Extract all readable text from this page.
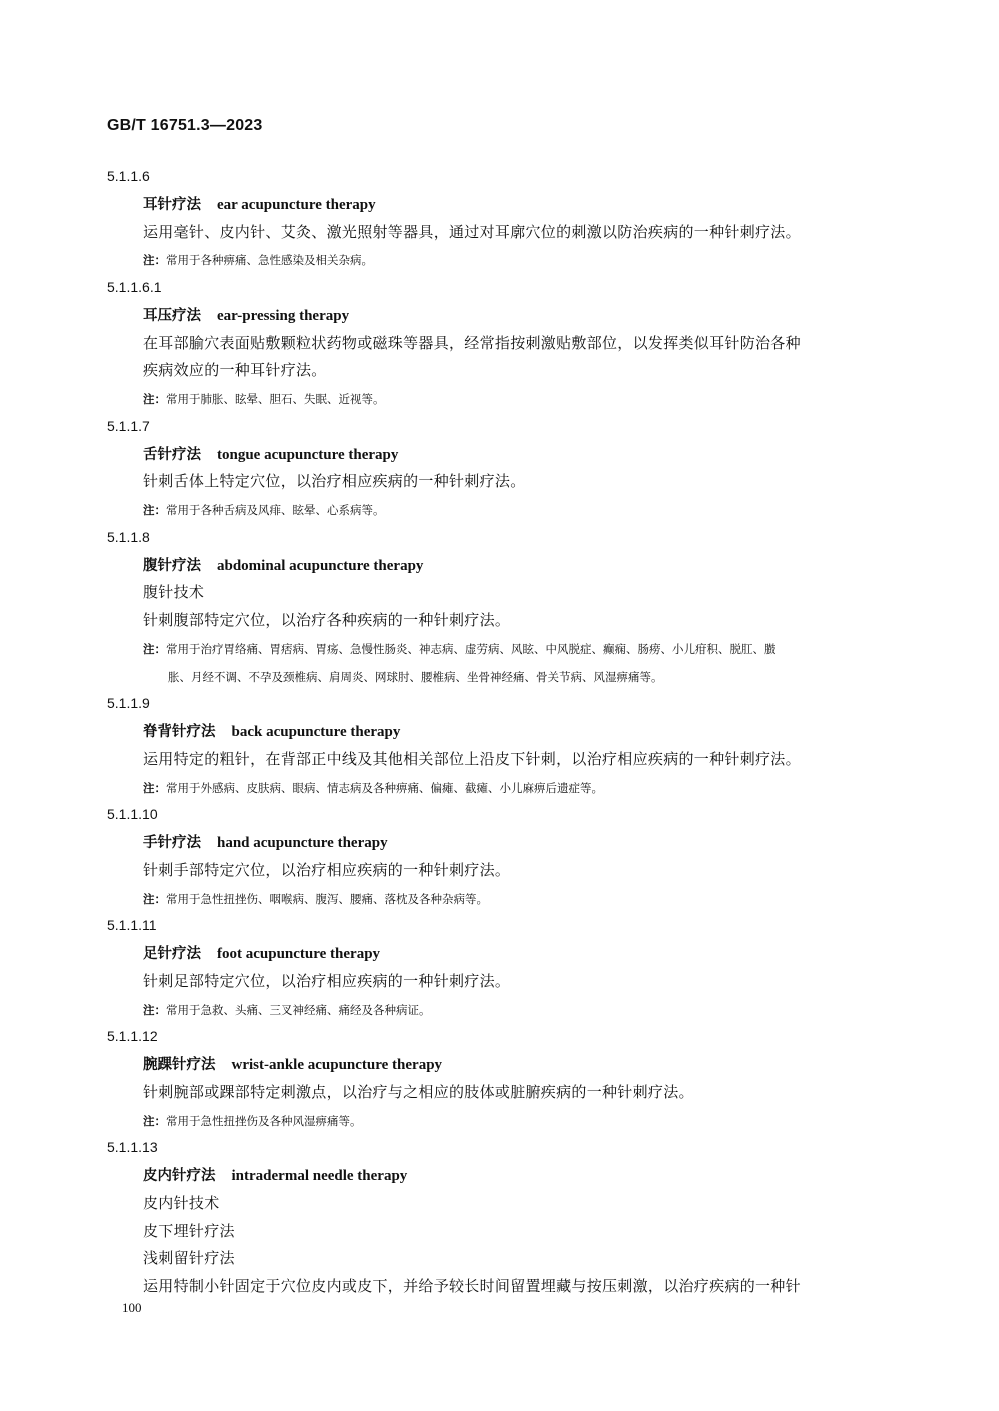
GB/T 16751.3—2023
5.1.1.6
耳针疗法 ear acupuncture therapy
运用毫针、皮内针、艾灸、激光照射等器具，通过对耳廓穴位的刺激以防治疾病的一种针刺疗法。
注：常用于各种痹痛、急性感染及相关杂病。
5.1.1.6.1
耳压疗法 ear-pressing therapy
在耳部腧穴表面贴敷颗粒状药物或磁珠等器具，经常指按刺激贴敷部位，以发挥类似耳针防治各种
疾病效应的一种耳针疗法。
注：常用于肺胀、眩晕、胆石、失眠、近视等。
5.1.1.7
舌针疗法 tongue acupuncture therapy
针刺舌体上特定穴位，以治疗相应疾病的一种针刺疗法。
注：常用于各种舌病及风痱、眩晕、心系病等。
5.1.1.8
腹针疗法 abdominal acupuncture therapy
腹针技术
针刺腹部特定穴位，以治疗各种疾病的一种针刺疗法。
注：常用于治疗胃络痛、胃痞病、胃疡、急慢性肠炎、神志病、虚劳病、风眩、中风脱症、癫痫、肠痨、小儿疳积、脱肛、臌
胀、月经不调、不孕及颈椎病、肩周炎、网球肘、腰椎病、坐骨神经痛、骨关节病、风湿痹痛等。
5.1.1.9
脊背针疗法 back acupuncture therapy
运用特定的粗针，在背部正中线及其他相关部位上沿皮下针刺，以治疗相应疾病的一种针刺疗法。
注：常用于外感病、皮肤病、眼病、情志病及各种痹痛、偏瘫、截瘫、小儿麻痹后遗症等。
5.1.1.10
手针疗法 hand acupuncture therapy
针刺手部特定穴位，以治疗相应疾病的一种针刺疗法。
注：常用于急性扭挫伤、咽喉病、腹泻、腰痛、落枕及各种杂病等。
5.1.1.11
足针疗法 foot acupuncture therapy
针刺足部特定穴位，以治疗相应疾病的一种针刺疗法。
注：常用于急救、头痛、三叉神经痛、痛经及各种病证。
5.1.1.12
腕踝针疗法 wrist-ankle acupuncture therapy
针刺腕部或踝部特定刺激点，以治疗与之相应的肢体或脏腑疾病的一种针刺疗法。
注：常用于急性扭挫伤及各种风湿痹痛等。
5.1.1.13
皮内针疗法 intradermal needle therapy
皮内针技术
皮下埋针疗法
浅刺留针疗法
运用特制小针固定于穴位皮内或皮下，并给予较长时间留置埋藏与按压刺激，以治疗疾病的一种针
100
